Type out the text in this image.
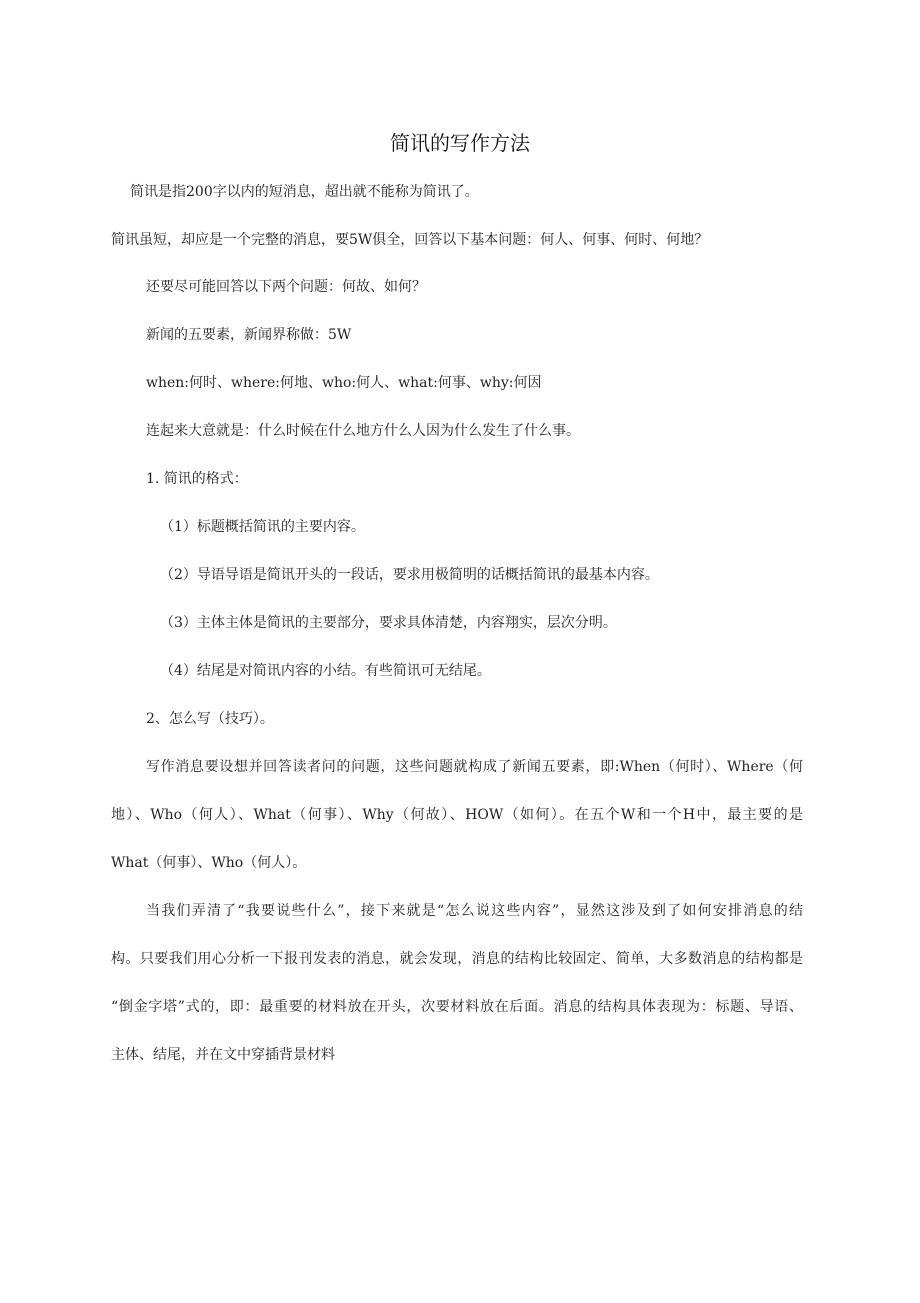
简讯的写作方法
简讯是指200字以内的短消息，超出就不能称为简讯了。
简讯虽短，却应是一个完整的消息，要5W俱全，回答以下基本问题：何人、何事、何时、何地？
还要尽可能回答以下两个问题：何故、如何？
新闻的五要素，新闻界称做：5W
when:何时、where:何地、who:何人、what:何事、why:何因
连起来大意就是：什么时候在什么地方什么人因为什么发生了什么事。
1. 简讯的格式：
（1）标题概括简讯的主要内容。
（2）导语导语是简讯开头的一段话，要求用极简明的话概括简讯的最基本内容。
（3）主体主体是简讯的主要部分，要求具体清楚，内容翔实，层次分明。
（4）结尾是对简讯内容的小结。有些简讯可无结尾。
2、怎么写（技巧）。
写作消息要设想并回答读者问的问题，这些问题就构成了新闻五要素，即:When（何时）、Where（何
地）、Who（何人）、What（何事）、Why（何故）、HOW（如何）。在五个W和一个H中，最主要的是
What（何事）、Who（何人）。
当我们弄清了“我要说些什么”，接下来就是“怎么说这些内容”，显然这涉及到了如何安排消息的结
构。只要我们用心分析一下报刊发表的消息，就会发现，消息的结构比较固定、简单，大多数消息的结构都是
“倒金字塔”式的，即：最重要的材料放在开头，次要材料放在后面。消息的结构具体表现为：标题、导语、
主体、结尾，并在文中穿插背景材料
